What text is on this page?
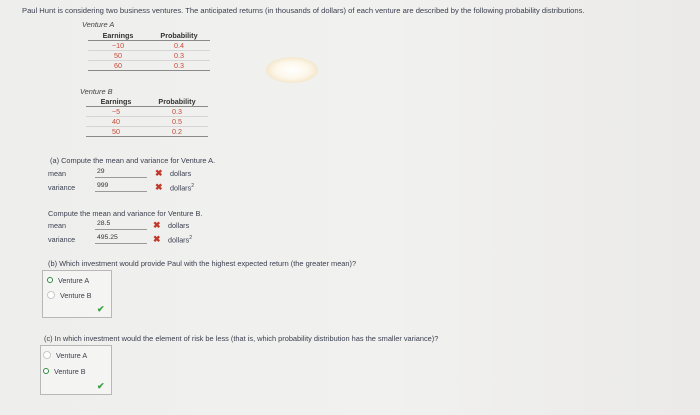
Paul Hunt is considering two business ventures. The anticipated returns (in thousands of dollars) of each venture are described by the following probability distributions.
Venture A
Earnings	Probability
−10	0.4
50	0.3
60	0.3
Venture B
Earnings	Probability
−5	0.3
40	0.5
50	0.2
(a) Compute the mean and variance for Venture A.
mean	29	✖ dollars
variance	999	✖ dollars$^2$
Compute the mean and variance for Venture B.
mean	28.5	✖ dollars
variance	495.25	✖ dollars$^2$
(b) Which investment would provide Paul with the highest expected return (the greater mean)?
Venture A
Venture B
✔
(c) In which investment would the element of risk be less (that is, which probability distribution has the smaller variance)?
Venture A
Venture B
✔
